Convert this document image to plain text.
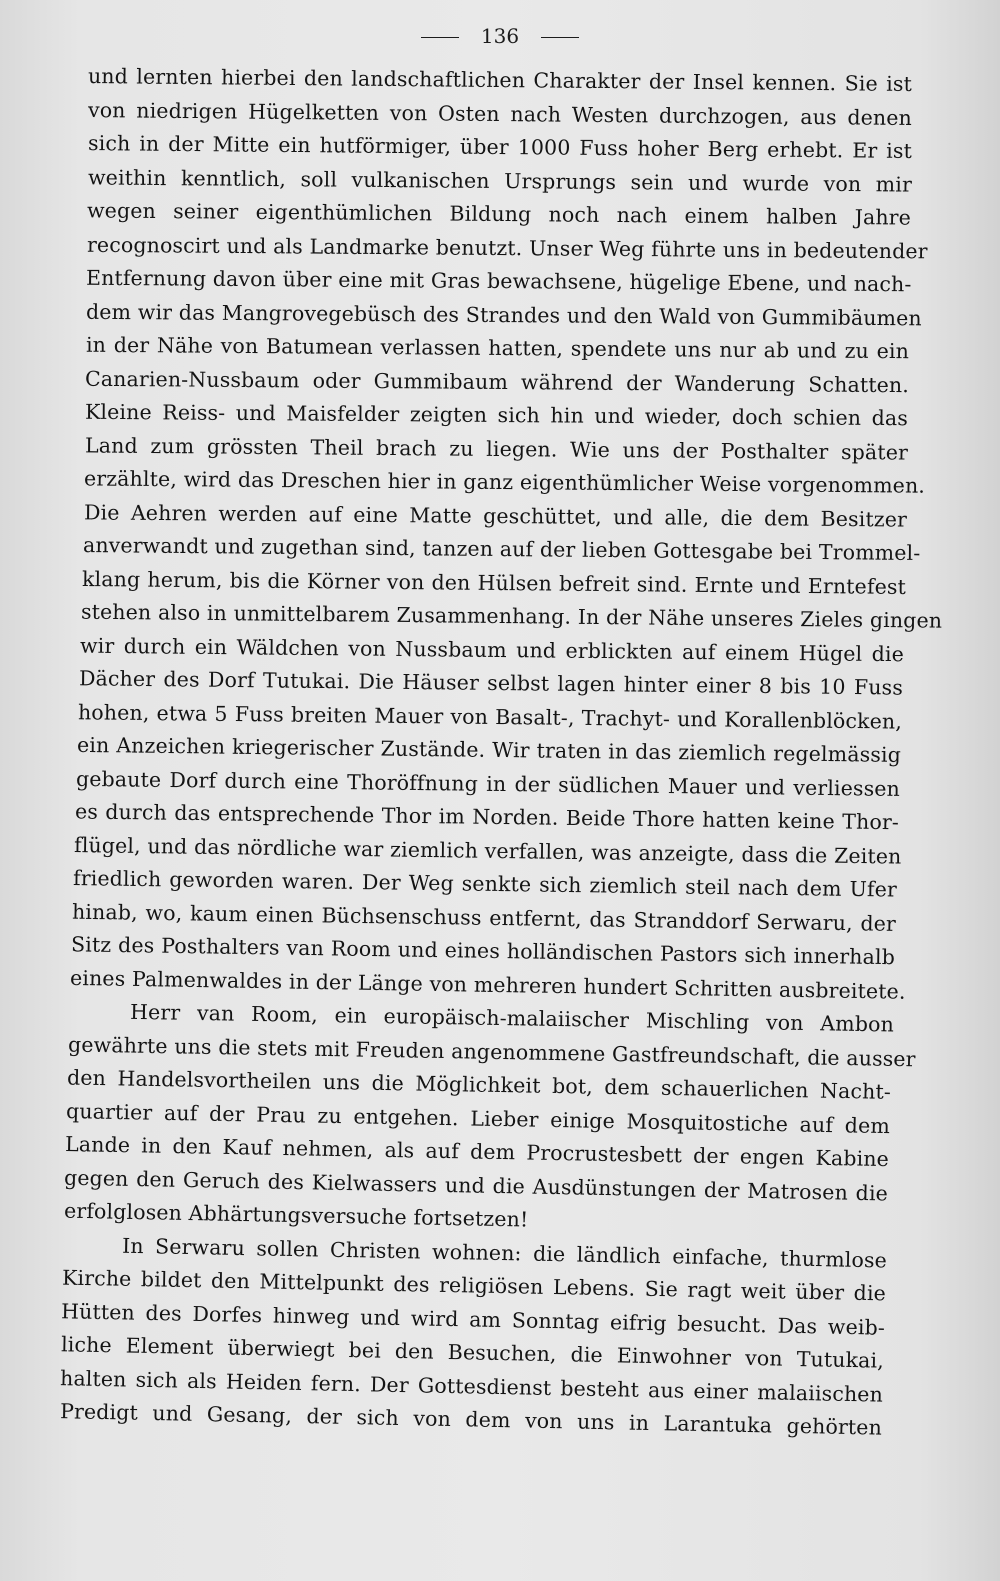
136
und lernten hierbei den landschaftlichen Charakter der Insel kennen. Sie ist
von niedrigen Hügelketten von Osten nach Westen durchzogen, aus denen
sich in der Mitte ein hutförmiger, über 1000 Fuss hoher Berg erhebt. Er ist
weithin kenntlich, soll vulkanischen Ursprungs sein und wurde von mir
wegen seiner eigenthümlichen Bildung noch nach einem halben Jahre
recognoscirt und als Landmarke benutzt. Unser Weg führte uns in bedeutender
Entfernung davon über eine mit Gras bewachsene, hügelige Ebene, und nach-
dem wir das Mangrovegebüsch des Strandes und den Wald von Gummibäumen
in der Nähe von Batumean verlassen hatten, spendete uns nur ab und zu ein
Canarien-Nussbaum oder Gummibaum während der Wanderung Schatten.
Kleine Reiss- und Maisfelder zeigten sich hin und wieder, doch schien das
Land zum grössten Theil brach zu liegen. Wie uns der Posthalter später
erzählte, wird das Dreschen hier in ganz eigenthümlicher Weise vorgenommen.
Die Aehren werden auf eine Matte geschüttet, und alle, die dem Besitzer
anverwandt und zugethan sind, tanzen auf der lieben Gottesgabe bei Trommel-
klang herum, bis die Körner von den Hülsen befreit sind. Ernte und Erntefest
stehen also in unmittelbarem Zusammenhang. In der Nähe unseres Zieles gingen
wir durch ein Wäldchen von Nussbaum und erblickten auf einem Hügel die
Dächer des Dorf Tutukai. Die Häuser selbst lagen hinter einer 8 bis 10 Fuss
hohen, etwa 5 Fuss breiten Mauer von Basalt-, Trachyt- und Korallenblöcken,
ein Anzeichen kriegerischer Zustände. Wir traten in das ziemlich regelmässig
gebaute Dorf durch eine Thoröffnung in der südlichen Mauer und verliessen
es durch das entsprechende Thor im Norden. Beide Thore hatten keine Thor-
flügel, und das nördliche war ziemlich verfallen, was anzeigte, dass die Zeiten
friedlich geworden waren. Der Weg senkte sich ziemlich steil nach dem Ufer
hinab, wo, kaum einen Büchsenschuss entfernt, das Stranddorf Serwaru, der
Sitz des Posthalters van Room und eines holländischen Pastors sich innerhalb
eines Palmenwaldes in der Länge von mehreren hundert Schritten ausbreitete.
Herr van Room, ein europäisch-malaiischer Mischling von Ambon
gewährte uns die stets mit Freuden angenommene Gastfreundschaft, die ausser
den Handelsvortheilen uns die Möglichkeit bot, dem schauerlichen Nacht-
quartier auf der Prau zu entgehen. Lieber einige Mosquitostiche auf dem
Lande in den Kauf nehmen, als auf dem Procrustesbett der engen Kabine
gegen den Geruch des Kielwassers und die Ausdünstungen der Matrosen die
erfolglosen Abhärtungsversuche fortsetzen!
In Serwaru sollen Christen wohnen: die ländlich einfache, thurmlose
Kirche bildet den Mittelpunkt des religiösen Lebens. Sie ragt weit über die
Hütten des Dorfes hinweg und wird am Sonntag eifrig besucht. Das weib-
liche Element überwiegt bei den Besuchen, die Einwohner von Tutukai,
halten sich als Heiden fern. Der Gottesdienst besteht aus einer malaiischen
Predigt und Gesang, der sich von dem von uns in Larantuka gehörten
